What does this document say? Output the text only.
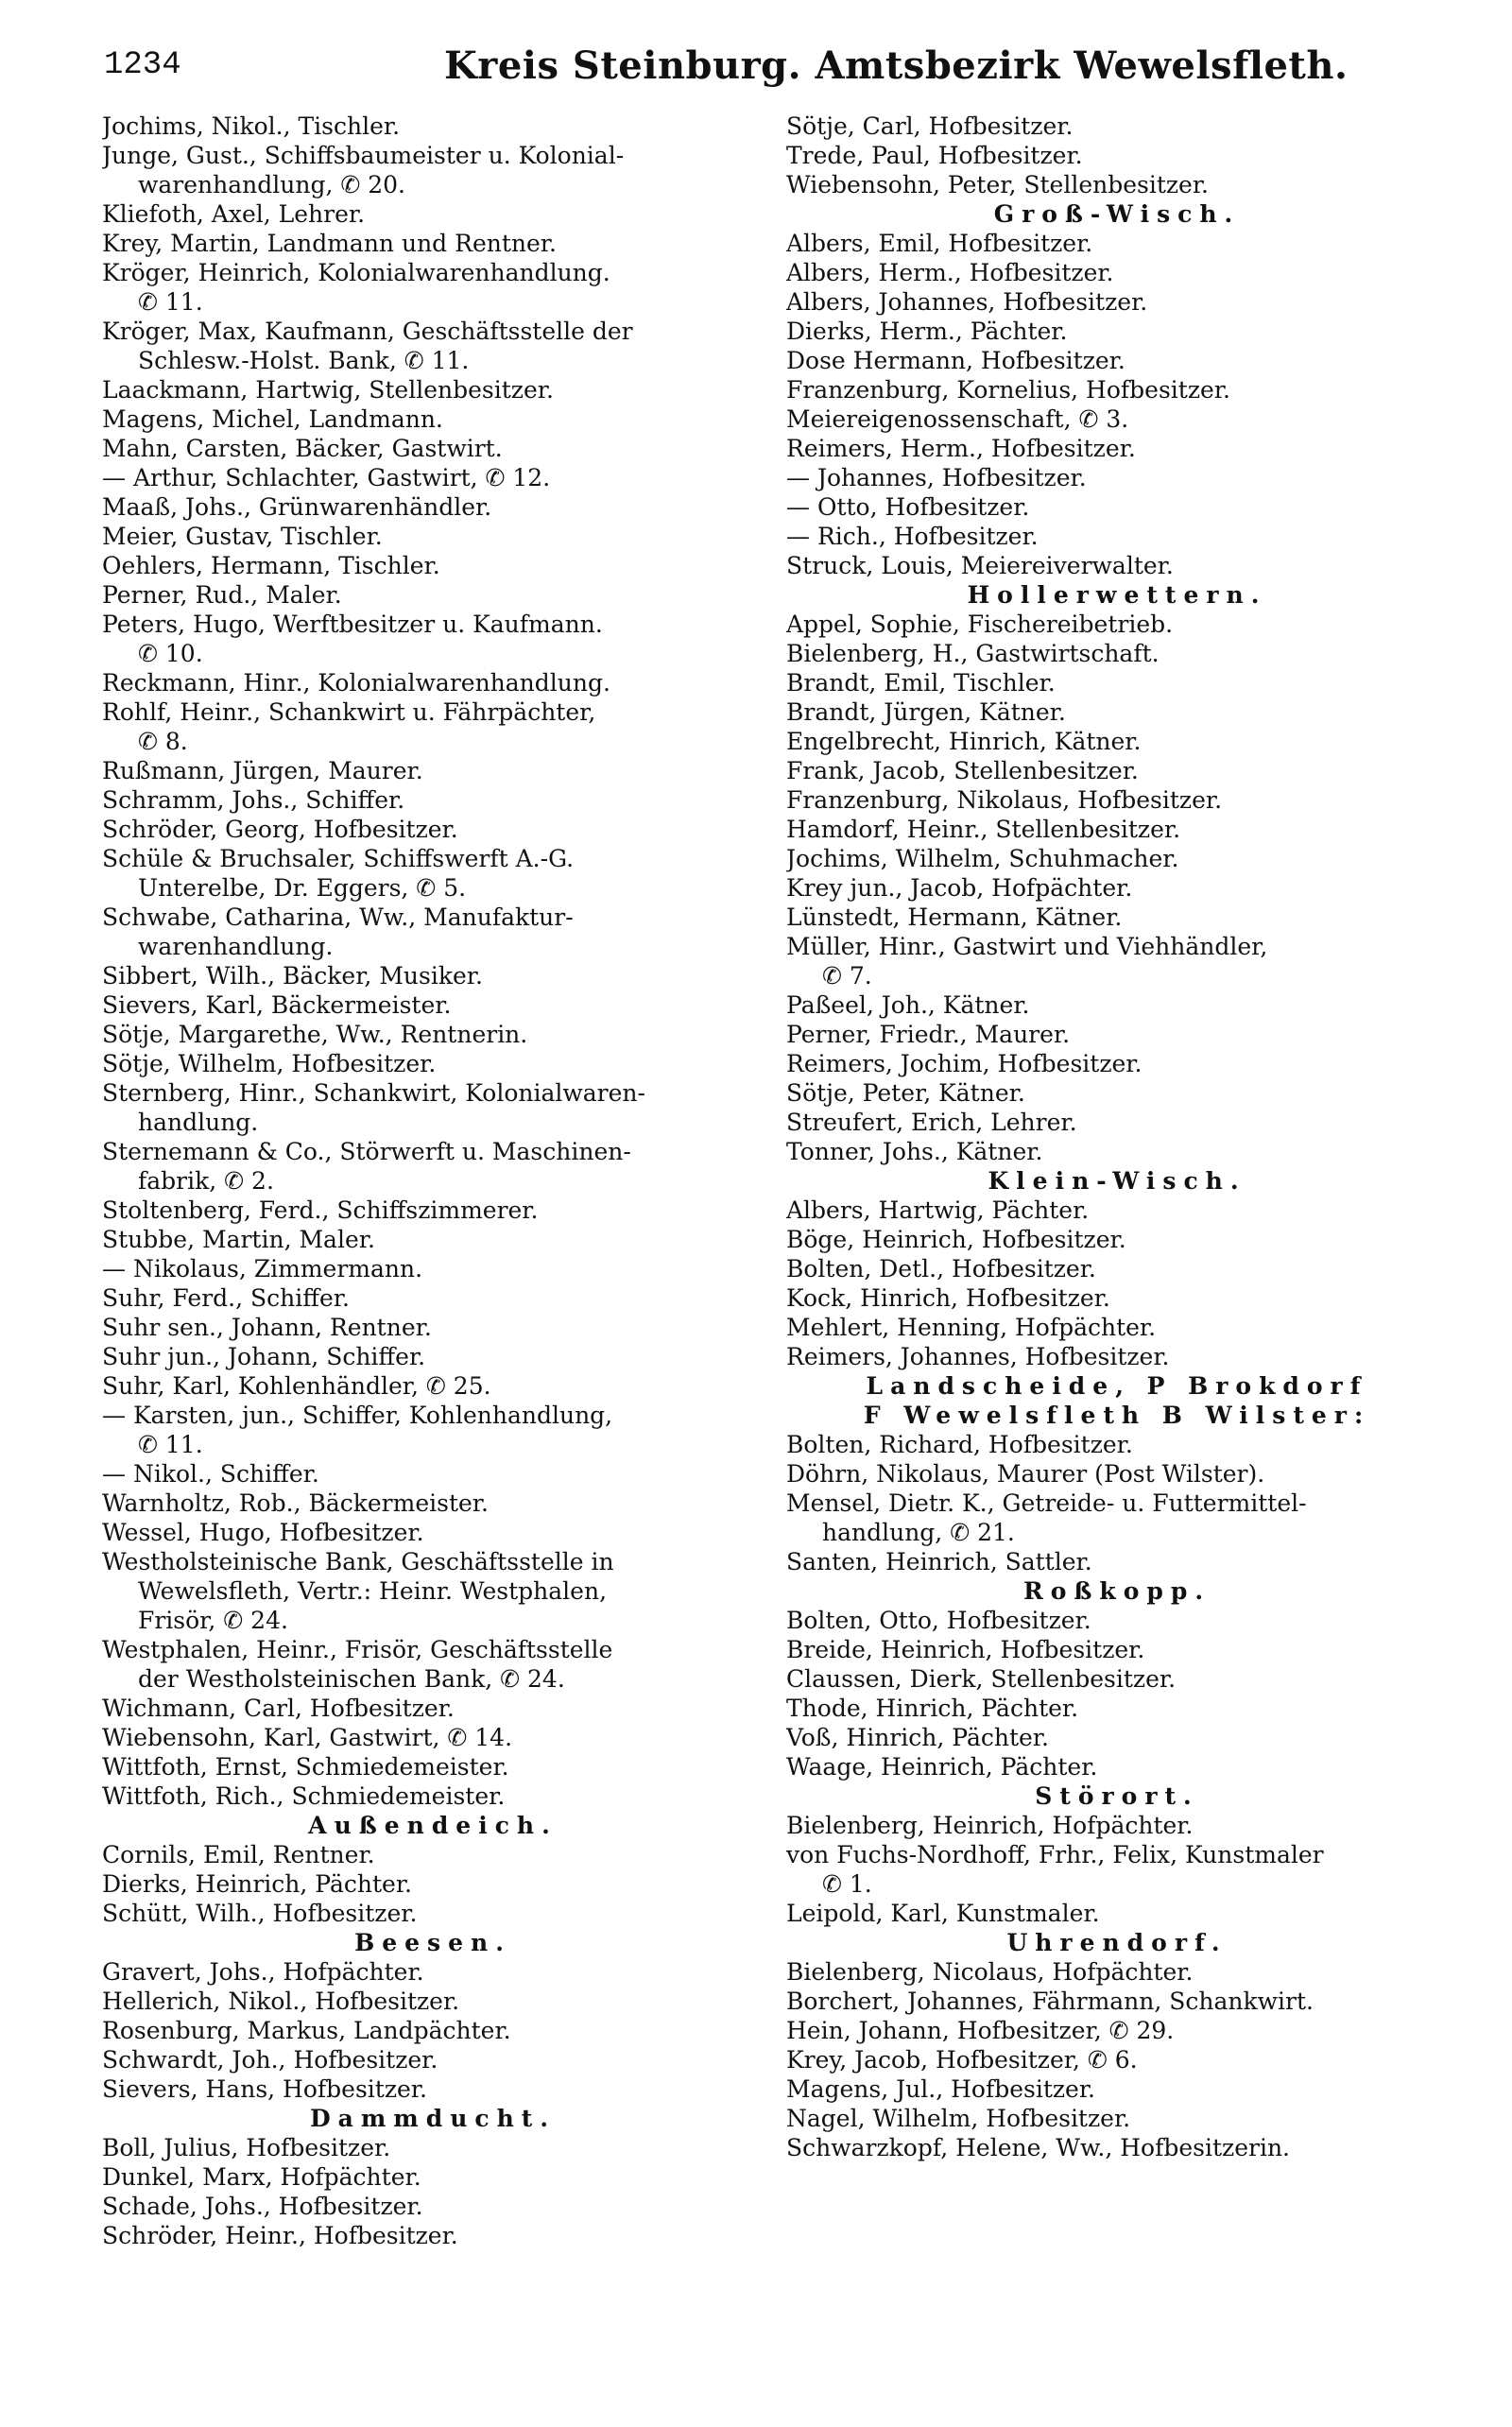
1234	Kreis Steinburg. Amtsbezirk Wewelsfleth.
Jochims, Nikol., Tischler.
Junge, Gust., Schiffsbaumeister u. Kolonial-
warenhandlung, ✆ 20.
Kliefoth, Axel, Lehrer.
Krey, Martin, Landmann und Rentner.
Kröger, Heinrich, Kolonialwarenhandlung.
✆ 11.
Kröger, Max, Kaufmann, Geschäftsstelle der
Schlesw.-Holst. Bank, ✆ 11.
Laackmann, Hartwig, Stellenbesitzer.
Magens, Michel, Landmann.
Mahn, Carsten, Bäcker, Gastwirt.
— Arthur, Schlachter, Gastwirt, ✆ 12.
Maaß, Johs., Grünwarenhändler.
Meier, Gustav, Tischler.
Oehlers, Hermann, Tischler.
Perner, Rud., Maler.
Peters, Hugo, Werftbesitzer u. Kaufmann.
✆ 10.
Reckmann, Hinr., Kolonialwarenhandlung.
Rohlf, Heinr., Schankwirt u. Fährpächter,
✆ 8.
Rußmann, Jürgen, Maurer.
Schramm, Johs., Schiffer.
Schröder, Georg, Hofbesitzer.
Schüle & Bruchsaler, Schiffswerft A.-G.
Unterelbe, Dr. Eggers, ✆ 5.
Schwabe, Catharina, Ww., Manufaktur-
warenhandlung.
Sibbert, Wilh., Bäcker, Musiker.
Sievers, Karl, Bäckermeister.
Sötje, Margarethe, Ww., Rentnerin.
Sötje, Wilhelm, Hofbesitzer.
Sternberg, Hinr., Schankwirt, Kolonialwaren-
handlung.
Sternemann & Co., Störwerft u. Maschinen-
fabrik, ✆ 2.
Stoltenberg, Ferd., Schiffszimmerer.
Stubbe, Martin, Maler.
— Nikolaus, Zimmermann.
Suhr, Ferd., Schiffer.
Suhr sen., Johann, Rentner.
Suhr jun., Johann, Schiffer.
Suhr, Karl, Kohlenhändler, ✆ 25.
— Karsten, jun., Schiffer, Kohlenhandlung,
✆ 11.
— Nikol., Schiffer.
Warnholtz, Rob., Bäckermeister.
Wessel, Hugo, Hofbesitzer.
Westholsteinische Bank, Geschäftsstelle in
Wewelsfleth, Vertr.: Heinr. Westphalen,
Frisör, ✆ 24.
Westphalen, Heinr., Frisör, Geschäftsstelle
der Westholsteinischen Bank, ✆ 24.
Wichmann, Carl, Hofbesitzer.
Wiebensohn, Karl, Gastwirt, ✆ 14.
Wittfoth, Ernst, Schmiedemeister.
Wittfoth, Rich., Schmiedemeister.
Außendeich.
Cornils, Emil, Rentner.
Dierks, Heinrich, Pächter.
Schütt, Wilh., Hofbesitzer.
Beesen.
Gravert, Johs., Hofpächter.
Hellerich, Nikol., Hofbesitzer.
Rosenburg, Markus, Landpächter.
Schwardt, Joh., Hofbesitzer.
Sievers, Hans, Hofbesitzer.
Dammducht.
Boll, Julius, Hofbesitzer.
Dunkel, Marx, Hofpächter.
Schade, Johs., Hofbesitzer.
Schröder, Heinr., Hofbesitzer.
Sötje, Carl, Hofbesitzer.
Trede, Paul, Hofbesitzer.
Wiebensohn, Peter, Stellenbesitzer.
Groß-Wisch.
Albers, Emil, Hofbesitzer.
Albers, Herm., Hofbesitzer.
Albers, Johannes, Hofbesitzer.
Dierks, Herm., Pächter.
Dose Hermann, Hofbesitzer.
Franzenburg, Kornelius, Hofbesitzer.
Meiereigenossenschaft, ✆ 3.
Reimers, Herm., Hofbesitzer.
— Johannes, Hofbesitzer.
— Otto, Hofbesitzer.
— Rich., Hofbesitzer.
Struck, Louis, Meiereiverwalter.
Hollerwettern.
Appel, Sophie, Fischereibetrieb.
Bielenberg, H., Gastwirtschaft.
Brandt, Emil, Tischler.
Brandt, Jürgen, Kätner.
Engelbrecht, Hinrich, Kätner.
Frank, Jacob, Stellenbesitzer.
Franzenburg, Nikolaus, Hofbesitzer.
Hamdorf, Heinr., Stellenbesitzer.
Jochims, Wilhelm, Schuhmacher.
Krey jun., Jacob, Hofpächter.
Lünstedt, Hermann, Kätner.
Müller, Hinr., Gastwirt und Viehhändler,
✆ 7.
Paßeel, Joh., Kätner.
Perner, Friedr., Maurer.
Reimers, Jochim, Hofbesitzer.
Sötje, Peter, Kätner.
Streufert, Erich, Lehrer.
Tonner, Johs., Kätner.
Klein-Wisch.
Albers, Hartwig, Pächter.
Böge, Heinrich, Hofbesitzer.
Bolten, Detl., Hofbesitzer.
Kock, Hinrich, Hofbesitzer.
Mehlert, Henning, Hofpächter.
Reimers, Johannes, Hofbesitzer.
Landscheide, P Brokdorf
F Wewelsfleth B Wilster:
Bolten, Richard, Hofbesitzer.
Döhrn, Nikolaus, Maurer (Post Wilster).
Mensel, Dietr. K., Getreide- u. Futtermittel-
handlung, ✆ 21.
Santen, Heinrich, Sattler.
Roßkopp.
Bolten, Otto, Hofbesitzer.
Breide, Heinrich, Hofbesitzer.
Claussen, Dierk, Stellenbesitzer.
Thode, Hinrich, Pächter.
Voß, Hinrich, Pächter.
Waage, Heinrich, Pächter.
Störort.
Bielenberg, Heinrich, Hofpächter.
von Fuchs-Nordhoff, Frhr., Felix, Kunstmaler
✆ 1.
Leipold, Karl, Kunstmaler.
Uhrendorf.
Bielenberg, Nicolaus, Hofpächter.
Borchert, Johannes, Fährmann, Schankwirt.
Hein, Johann, Hofbesitzer, ✆ 29.
Krey, Jacob, Hofbesitzer, ✆ 6.
Magens, Jul., Hofbesitzer.
Nagel, Wilhelm, Hofbesitzer.
Schwarzkopf, Helene, Ww., Hofbesitzerin.
